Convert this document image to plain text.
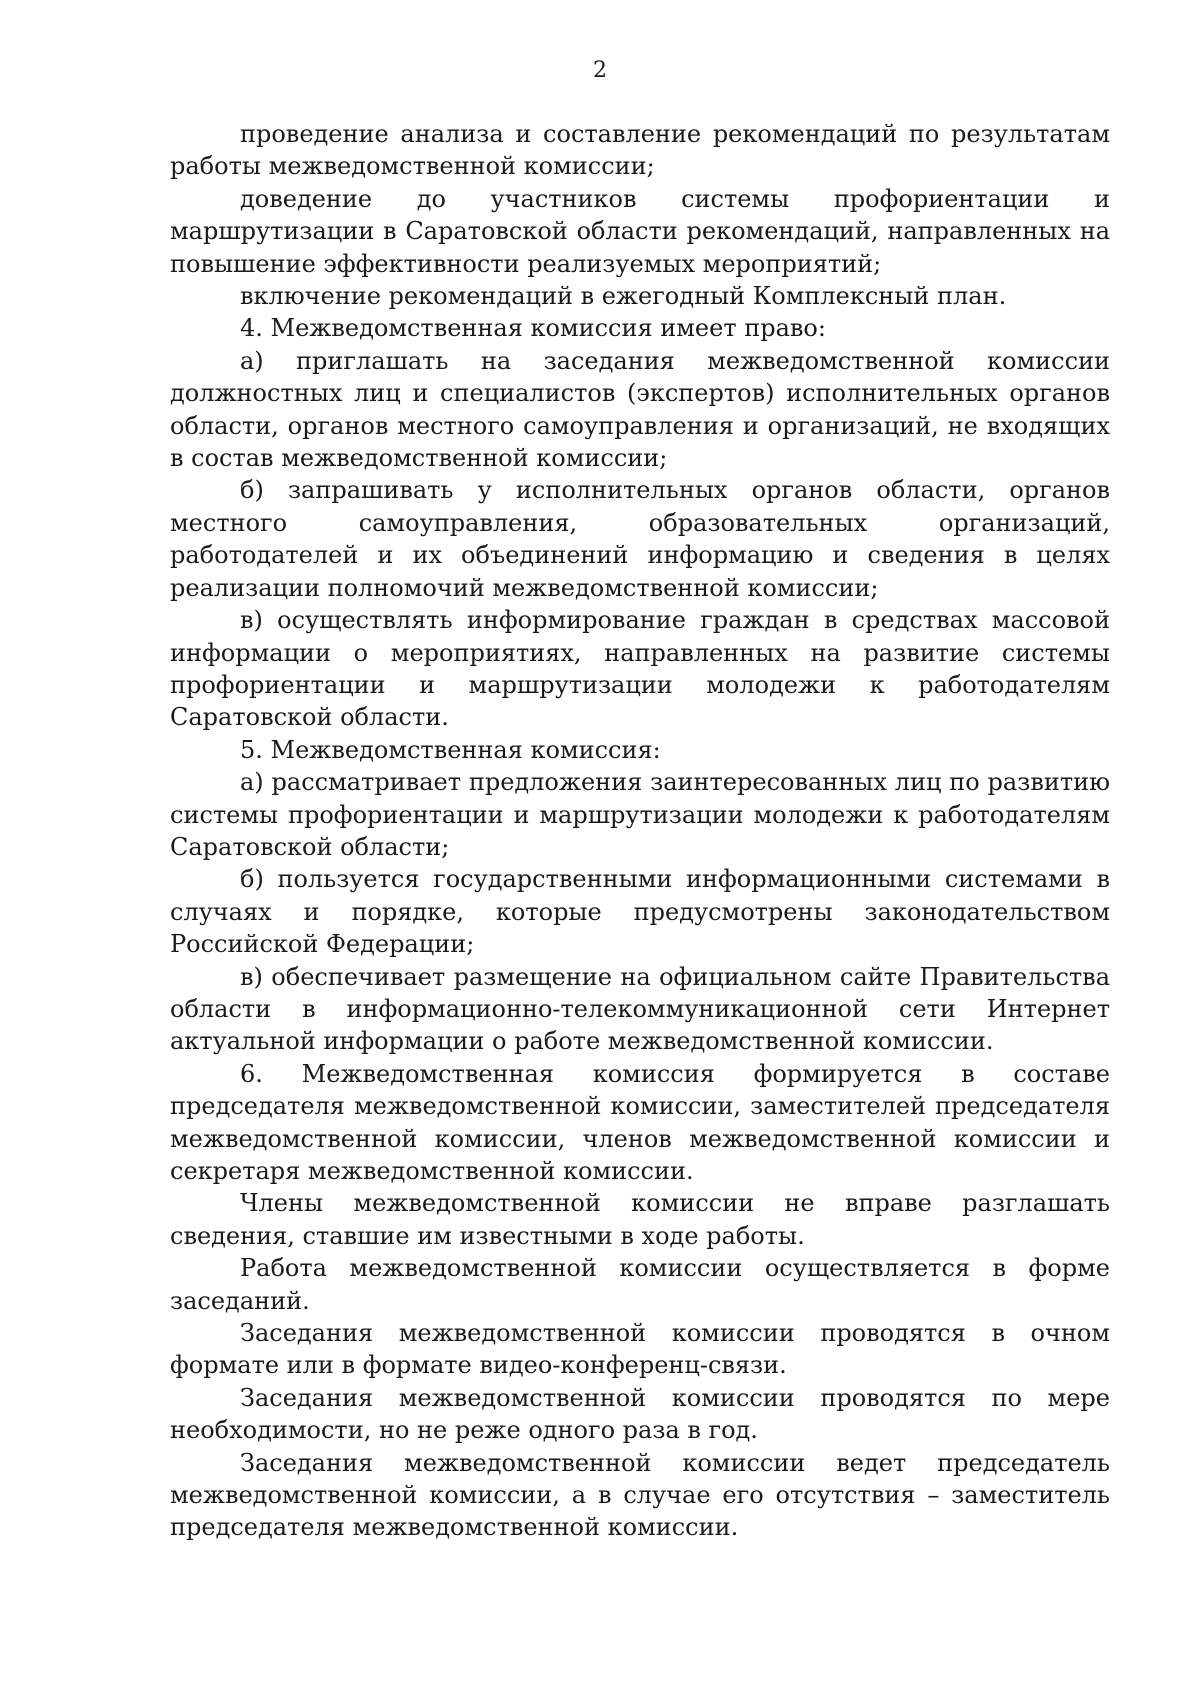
2

проведение анализа и составление рекомендаций по результатам работы межведомственной комиссии;

доведение до участников системы профориентации и маршрутизации в Саратовской области рекомендаций, направленных на повышение эффективности реализуемых мероприятий;

включение рекомендаций в ежегодный Комплексный план.

4. Межведомственная комиссия имеет право:

а) приглашать на заседания межведомственной комиссии должностных лиц и специалистов (экспертов) исполнительных органов области, органов местного самоуправления и организаций, не входящих в состав межведомственной комиссии;

б) запрашивать у исполнительных органов области, органов местного самоуправления, образовательных организаций, работодателей и их объединений информацию и сведения в целях реализации полномочий межведомственной комиссии;

в) осуществлять информирование граждан в средствах массовой информации о мероприятиях, направленных на развитие системы профориентации и маршрутизации молодежи к работодателям Саратовской области.

5. Межведомственная комиссия:

а) рассматривает предложения заинтересованных лиц по развитию системы профориентации и маршрутизации молодежи к работодателям Саратовской области;

б) пользуется государственными информационными системами в случаях и порядке, которые предусмотрены законодательством Российской Федерации;

в) обеспечивает размещение на официальном сайте Правительства области в информационно-телекоммуникационной сети Интернет актуальной информации о работе межведомственной комиссии.

6. Межведомственная комиссия формируется в составе председателя межведомственной комиссии, заместителей председателя межведомственной комиссии, членов межведомственной комиссии и секретаря межведомственной комиссии.

Члены межведомственной комиссии не вправе разглашать сведения, ставшие им известными в ходе работы.

Работа межведомственной комиссии осуществляется в форме заседаний.

Заседания межведомственной комиссии проводятся в очном формате или в формате видео-конференц-связи.

Заседания межведомственной комиссии проводятся по мере необходимости, но не реже одного раза в год.

Заседания межведомственной комиссии ведет председатель межведомственной комиссии, а в случае его отсутствия – заместитель председателя межведомственной комиссии.
